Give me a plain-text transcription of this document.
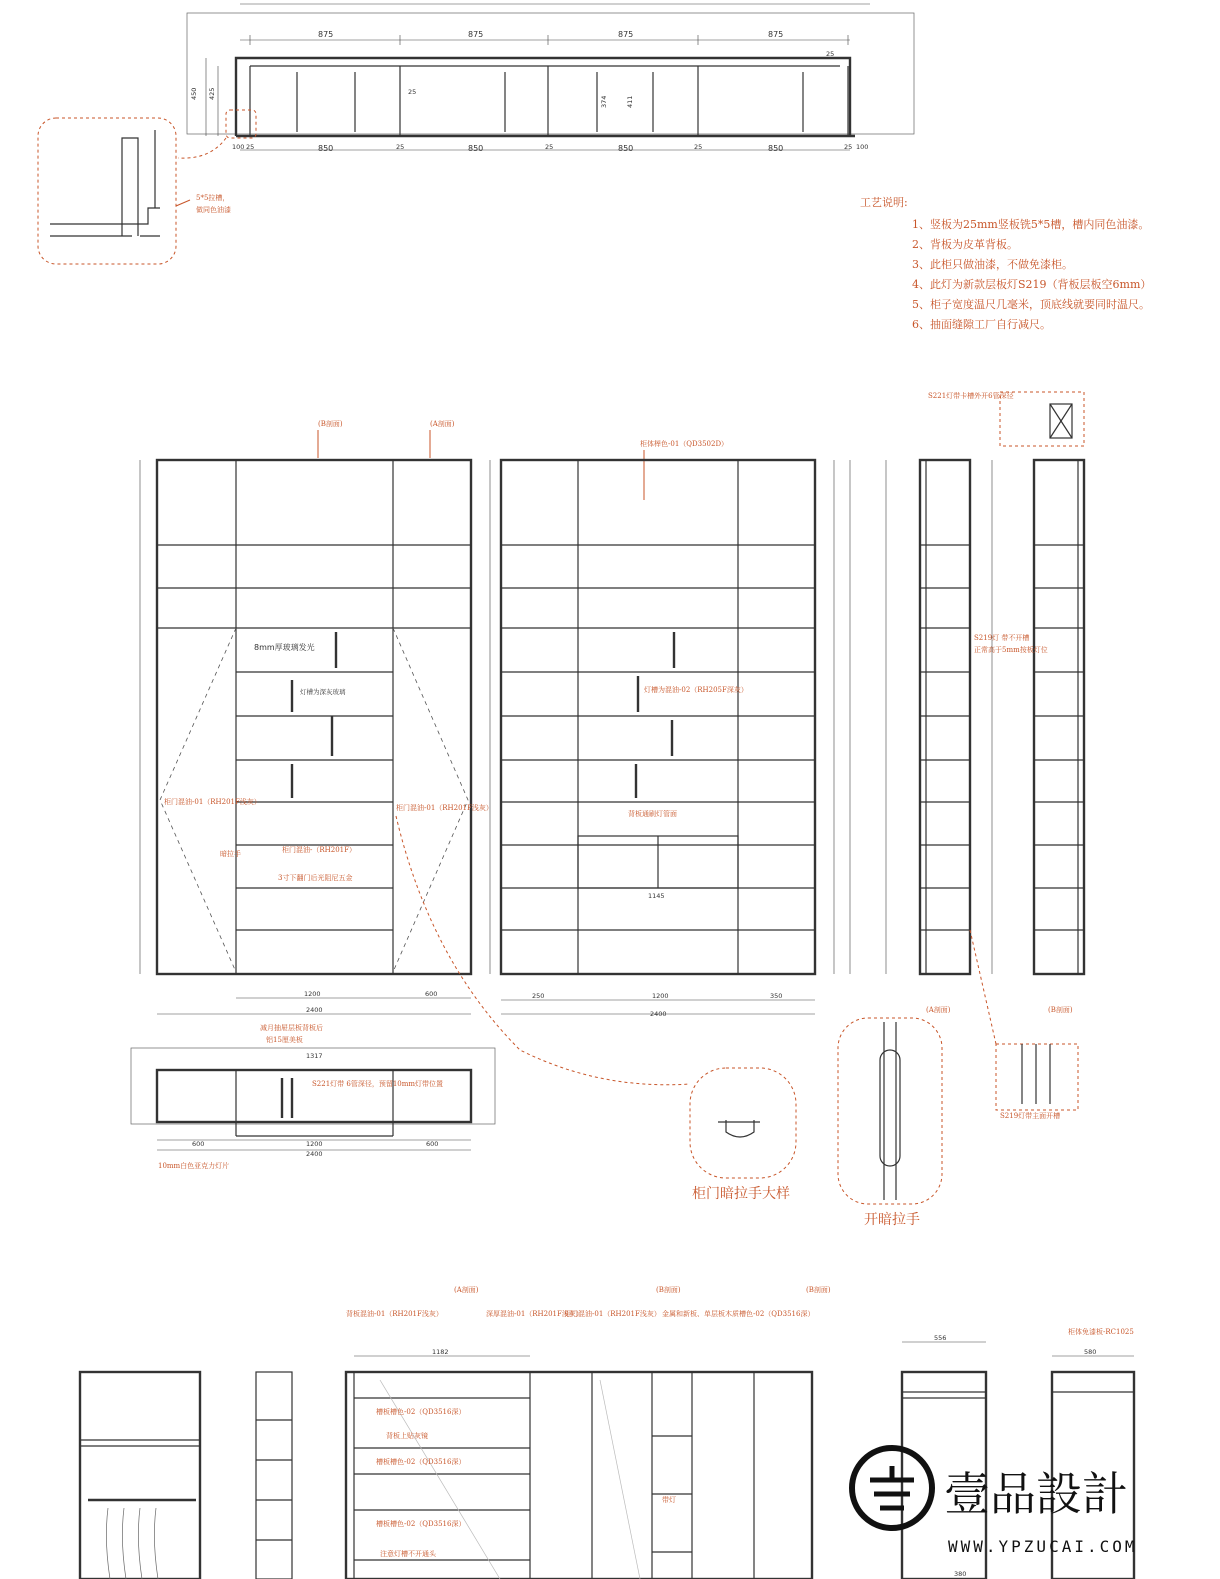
875	875	875	875
100 25	850	25	850	25	850	25	850	25 100
450 425
374	411
25
25
5*5拉槽，
做同色油漆
工艺说明:
1、竖板为25mm竖板铣5*5槽，槽内同色油漆。
2、背板为皮革背板。
3、此柜只做油漆，不做免漆柜。
4、此灯为新款层板灯S219（背板层板空6mm）
5、柜子宽度温尺几毫米，顶底线就要同时温尺。
6、抽面缝隙工厂自行减尺。
(B剖面)	(A剖面)
8mm厚玻璃发光
灯槽为深灰玻璃
柜门混油-01（RH201F浅灰）
柜门混油-01（RH201F浅灰）
柜门混油-（RH201F）
暗拉手
3寸下翻门后光阻尼五金
1200	600
2400
柜体榉色-01（QD3502D）
灯槽为混油-02（RH205F深灰）
背板通刷灯管面
250	1200	350
2400
1145
S221灯带卡槽外开6管深径
S219灯 带不开槽
正常高于5mm按板灯位
(B剖面)
(A剖面)
S219灯带主面开槽
减月抽屉层板背板后
铝15厘美板
S221灯带 6管深径，预留10mm灯带位置
10mm白色亚克力灯片
1317
1200
600	600
2400
柜门暗拉手大样
开暗拉手
(A剖面)	(B剖面)	(B剖面)
背板混油-01（RH201F浅灰）	深厚混油-01（RH201F浅灰）
柜门混油-01（RH201F浅灰） 金属和新板、单层板木质槽色-02（QD3516深）
柜体免漆板-RC1025
槽板槽色-02（QD3516深）
背板上贴灰镜
槽板槽色-02（QD3516深）
槽板槽色-02（QD3516深）
注意灯槽不开通头
带灯
1182
556
580
380
壹品設計
WWW.YPZUCAI.COM
